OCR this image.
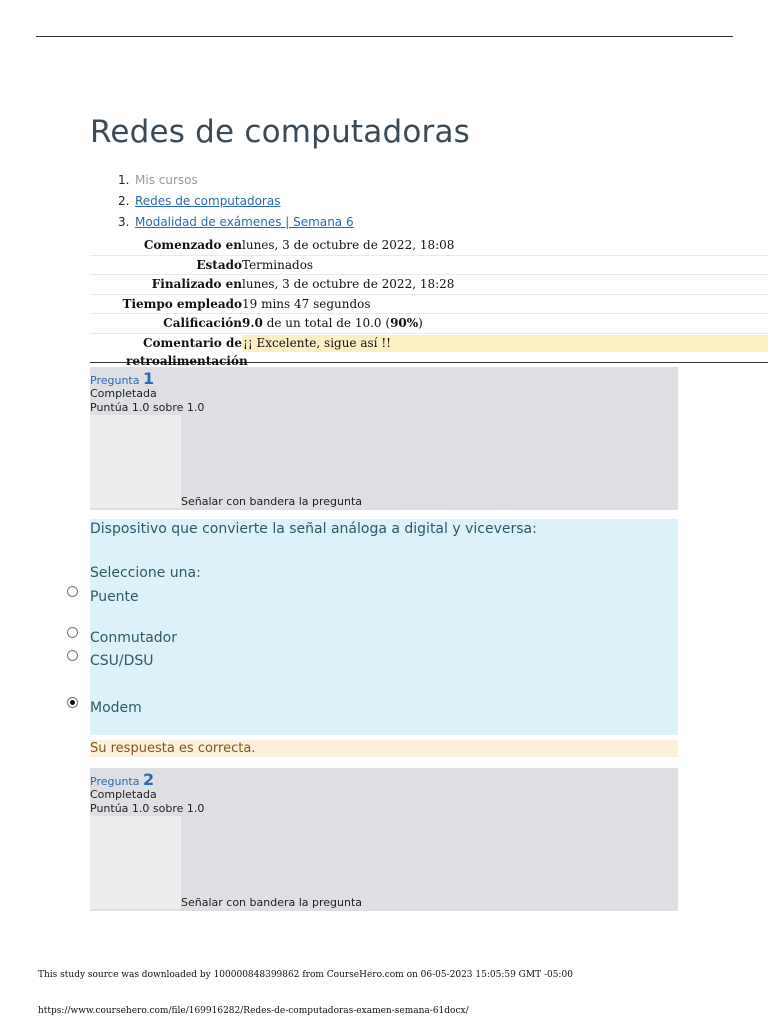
Redes de computadoras
1. Mis cursos
2. Redes de computadoras
3. Modalidad de exámenes | Semana 6
Comenzado en lunes, 3 de octubre de 2022, 18:08
Estado Terminados
Finalizado en lunes, 3 de octubre de 2022, 18:28
Tiempo empleado 19 mins 47 segundos
Calificación 9.0 de un total de 10.0 (90%)
Comentario de
retroalimentación
¡¡ Excelente, sigue así !!
Pregunta 1
Completada
Puntúa 1.0 sobre 1.0
Señalar con bandera la pregunta
Dispositivo que convierte la señal análoga a digital y viceversa:
Seleccione una:
Puente
Conmutador
CSU/DSU
Modem
Su respuesta es correcta.
Pregunta 2
Completada
Puntúa 1.0 sobre 1.0
Señalar con bandera la pregunta
This study source was downloaded by 100000848399862 from CourseHero.com on 06-05-2023 15:05:59 GMT -05:00
https://www.coursehero.com/file/169916282/Redes-de-computadoras-examen-semana-61docx/
